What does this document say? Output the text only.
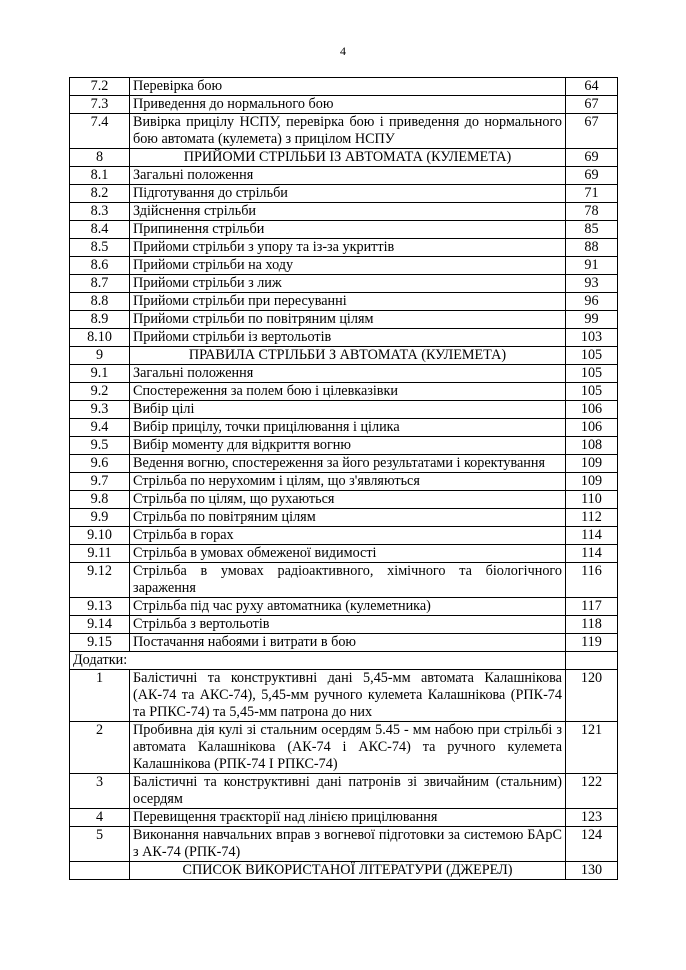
4
7.2	Перевірка бою	64
7.3	Приведення до нормального бою	67
7.4	Вивірка прицілу НСПУ, перевірка бою і приведення до нормального бою автомата (кулемета) з прицілом НСПУ	67
8	ПРИЙОМИ СТРІЛЬБИ ІЗ АВТОМАТА (КУЛЕМЕТА)	69
8.1	Загальні положення	69
8.2	Підготування до стрільби	71
8.3	Здійснення стрільби	78
8.4	Припинення стрільби	85
8.5	Прийоми стрільби з упору та із-за укриттів	88
8.6	Прийоми стрільби на ходу	91
8.7	Прийоми стрільби з лиж	93
8.8	Прийоми стрільби при пересуванні	96
8.9	Прийоми стрільби по повітряним цілям	99
8.10	Прийоми стрільби із вертольотів	103
9	ПРАВИЛА СТРІЛЬБИ З АВТОМАТА (КУЛЕМЕТА)	105
9.1	Загальні положення	105
9.2	Спостереження за полем бою і цілевказівки	105
9.3	Вибір цілі	106
9.4	Вибір прицілу, точки прицілювання і цілика	106
9.5	Вибір моменту для відкриття вогню	108
9.6	Ведення вогню, спостереження за його результатами і коректування	109
9.7	Стрільба по нерухомим і цілям, що з'являються	109
9.8	Стрільба по цілям, що рухаються	110
9.9	Стрільба по повітряним цілям	112
9.10	Стрільба в горах	114
9.11	Стрільба в умовах обмеженої видимості	114
9.12	Стрільба в умовах радіоактивного, хімічного та біологічного зараження	116
9.13	Стрільба під час руху автоматника (кулеметника)	117
9.14	Стрільба з вертольотів	118
9.15	Постачання набоями і витрати в бою	119
Додатки:		
1	Балістичні та конструктивні дані 5,45-мм автомата Калашнікова (АК-74 та АКС-74), 5,45-мм ручного кулемета Калашнікова (РПК-74 та РПКС-74) та 5,45-мм патрона до них	120
2	Пробивна дія кулі зі стальним осердям 5.45 - мм набою при стрільбі з автомата Калашнікова (АК-74 і АКС-74) та ручного кулемета Калашнікова (РПК-74 І РПКС-74)	121
3	Балістичні та конструктивні дані патронів зі звичайним (стальним) осердям	122
4	Перевищення траєкторії над лінією прицілювання	123
5	Виконання навчальних вправ з вогневої підготовки за системою БАрС з АК-74 (РПК-74)	124
	СПИСОК ВИКОРИСТАНОЇ ЛІТЕРАТУРИ (ДЖЕРЕЛ)	130
